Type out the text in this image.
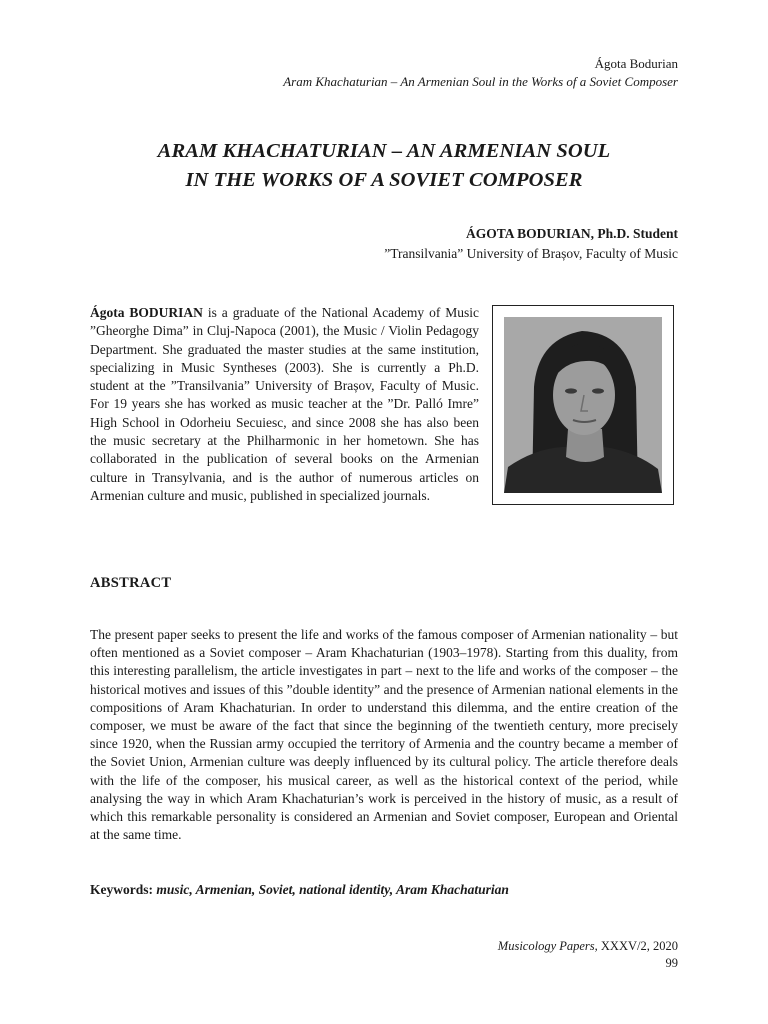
Ágota Bodurian
Aram Khachaturian – An Armenian Soul in the Works of a Soviet Composer
ARAM KHACHATURIAN – AN ARMENIAN SOUL
IN THE WORKS OF A SOVIET COMPOSER
ÁGOTA BODURIAN, Ph.D. Student
”Transilvania” University of Brașov, Faculty of Music
Ágota BODURIAN is a graduate of the National Academy of Music ”Gheorghe Dima” in Cluj-Napoca (2001), the Music / Violin Pedagogy Department. She graduated the master studies at the same institution, specializing in Music Syntheses (2003). She is currently a Ph.D. student at the ”Transilvania” University of Brașov, Faculty of Music. For 19 years she has worked as music teacher at the ”Dr. Palló Imre” High School in Odorheiu Secuiesc, and since 2008 she has also been the music secretary at the Philharmonic in her hometown. She has collaborated in the publication of several books on the Armenian culture in Transylvania, and is the author of numerous articles on Armenian culture and music, published in specialized journals.
ABSTRACT
The present paper seeks to present the life and works of the famous composer of Armenian nationality – but often mentioned as a Soviet composer – Aram Khachaturian (1903–1978). Starting from this duality, from this interesting parallelism, the article investigates in part – next to the life and works of the composer – the historical motives and issues of this ”double identity” and the presence of Armenian national elements in the compositions of Aram Khachaturian. In order to understand this dilemma, and the entire creation of the composer, we must be aware of the fact that since the beginning of the twentieth century, more precisely since 1920, when the Russian army occupied the territory of Armenia and the country became a member of the Soviet Union, Armenian culture was deeply influenced by its cultural policy. The article therefore deals with the life of the composer, his musical career, as well as the historical context of the period, while analysing the way in which Aram Khachaturian’s work is perceived in the history of music, as a result of which this remarkable personality is considered an Armenian and Soviet composer, European and Oriental at the same time.
Keywords: music, Armenian, Soviet, national identity, Aram Khachaturian
Musicology Papers, XXXV/2, 2020
99
